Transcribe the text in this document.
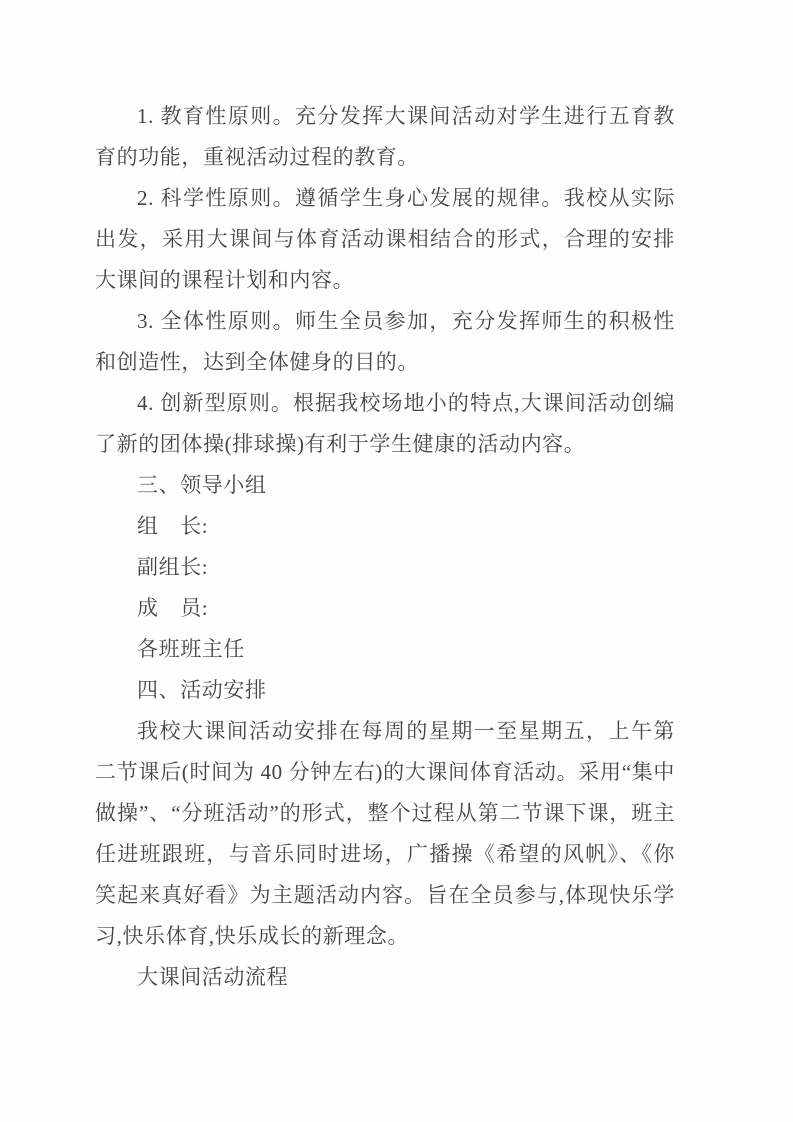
1. 教育性原则。充分发挥大课间活动对学生进行五育教育的功能，重视活动过程的教育。

2. 科学性原则。遵循学生身心发展的规律。我校从实际出发，采用大课间与体育活动课相结合的形式，合理的安排大课间的课程计划和内容。

3. 全体性原则。师生全员参加，充分发挥师生的积极性和创造性，达到全体健身的目的。

4. 创新型原则。根据我校场地小的特点,大课间活动创编了新的团体操(排球操)有利于学生健康的活动内容。

三、领导小组

组　长:

副组长:

成　员:

各班班主任

四、活动安排

我校大课间活动安排在每周的星期一至星期五，上午第二节课后(时间为 40 分钟左右)的大课间体育活动。采用“集中做操”、“分班活动”的形式，整个过程从第二节课下课，班主任进班跟班，与音乐同时进场，广播操《希望的风帆》、《你笑起来真好看》为主题活动内容。旨在全员参与,体现快乐学习,快乐体育,快乐成长的新理念。

大课间活动流程
